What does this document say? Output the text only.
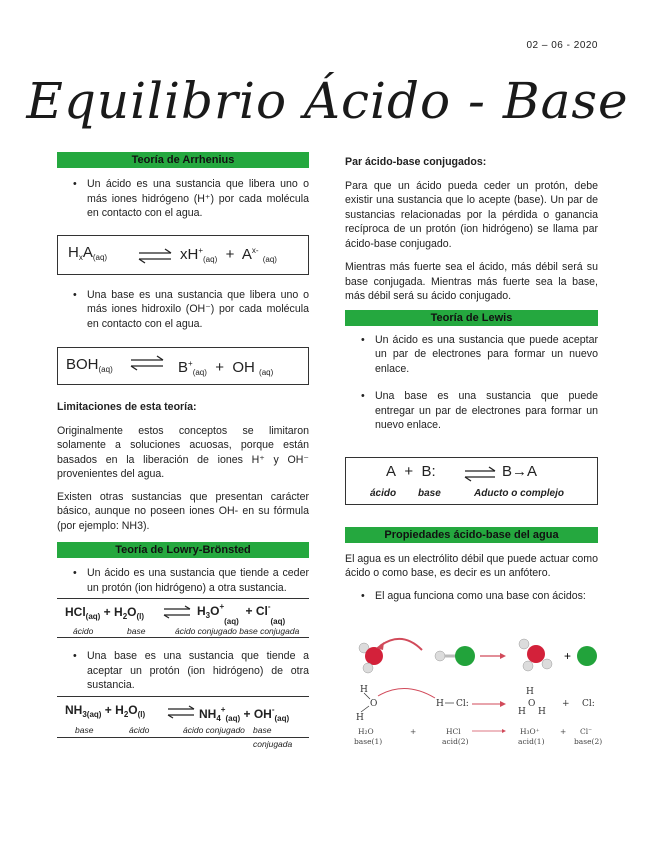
02 – 06 - 2020
Equilibrio Ácido - Base
Teoría de Arrhenius
• Un ácido es una sustancia que libera uno o más iones hidrógeno (H⁺) por cada molécula en contacto con el agua.
$H_xA_{(aq)}$	⇌ $xH^+_{(aq)} + A^{x-}$ $_{(aq)}$
• Una base es una sustancia que libera uno o más iones hidroxilo (OH⁻) por cada molécula en contacto con el agua.
$BOH_{(aq)}$ ⇌ $B^+_{(aq)}$  +  OH $_{(aq)}$
Limitaciones de esta teoría:

Originalmente estos conceptos se limitaron solamente a soluciones acuosas, porque están basados en la liberación de iones H⁺ y OH⁻ provenientes del agua.

Existen otras sustancias que presentan carácter básico, aunque no poseen iones OH- en su fórmula (por ejemplo: NH3).

Teoría de Lowry-Brönsted
• Un ácido es una sustancia que tiende a ceder un protón (ion hidrógeno) a otra sustancia.
$HCl_{(aq)} + H_2O_{(l)}$ ⇌ $H_3O^+_{(aq)} + Cl^-_{(aq)}$
ácido	base	ácido conjugado base conjugada
• Una base es una sustancia que tiende a aceptar un protón (ion hidrógeno) de otra sustancia.
$NH_{3(aq)} + H_2O_{(l)}$ ⇌ $NH_4^+_{(aq)} + OH^-_{(aq)}$
base	ácido	ácido conjugado base conjugada
Par ácido-base conjugados:

Para que un ácido pueda ceder un protón, debe existir una sustancia que lo acepte (base). Un par de sustancias relacionadas por la pérdida o ganancia recíproca de un protón (ion hidrógeno) se llama par ácido-base conjugado.

Mientras más fuerte sea el ácido, más débil será su base conjugada. Mientras más fuerte sea la base, más débil será su ácido conjugado.

Teoría de Lewis
• Un ácido es una sustancia que puede aceptar un par de electrones para formar un nuevo enlace.
• Una base es una sustancia que puede entregar un par de electrones para formar un nuevo enlace.
A + B:	⇌ B→A
ácido base	Aducto o complejo
Propiedades ácido-base del agua

El agua es un electrólito débil que puede actuar como ácido o como base, es decir es un anfótero.

• El agua funciona como una base con ácidos:
+
H
O
H
H Cl:
H
O
H H
+ Cl:
H₂O
base(1)
+	HCl
acid(2)
H₃O⁺
acid(1)
+ Cl⁻
base(2)
